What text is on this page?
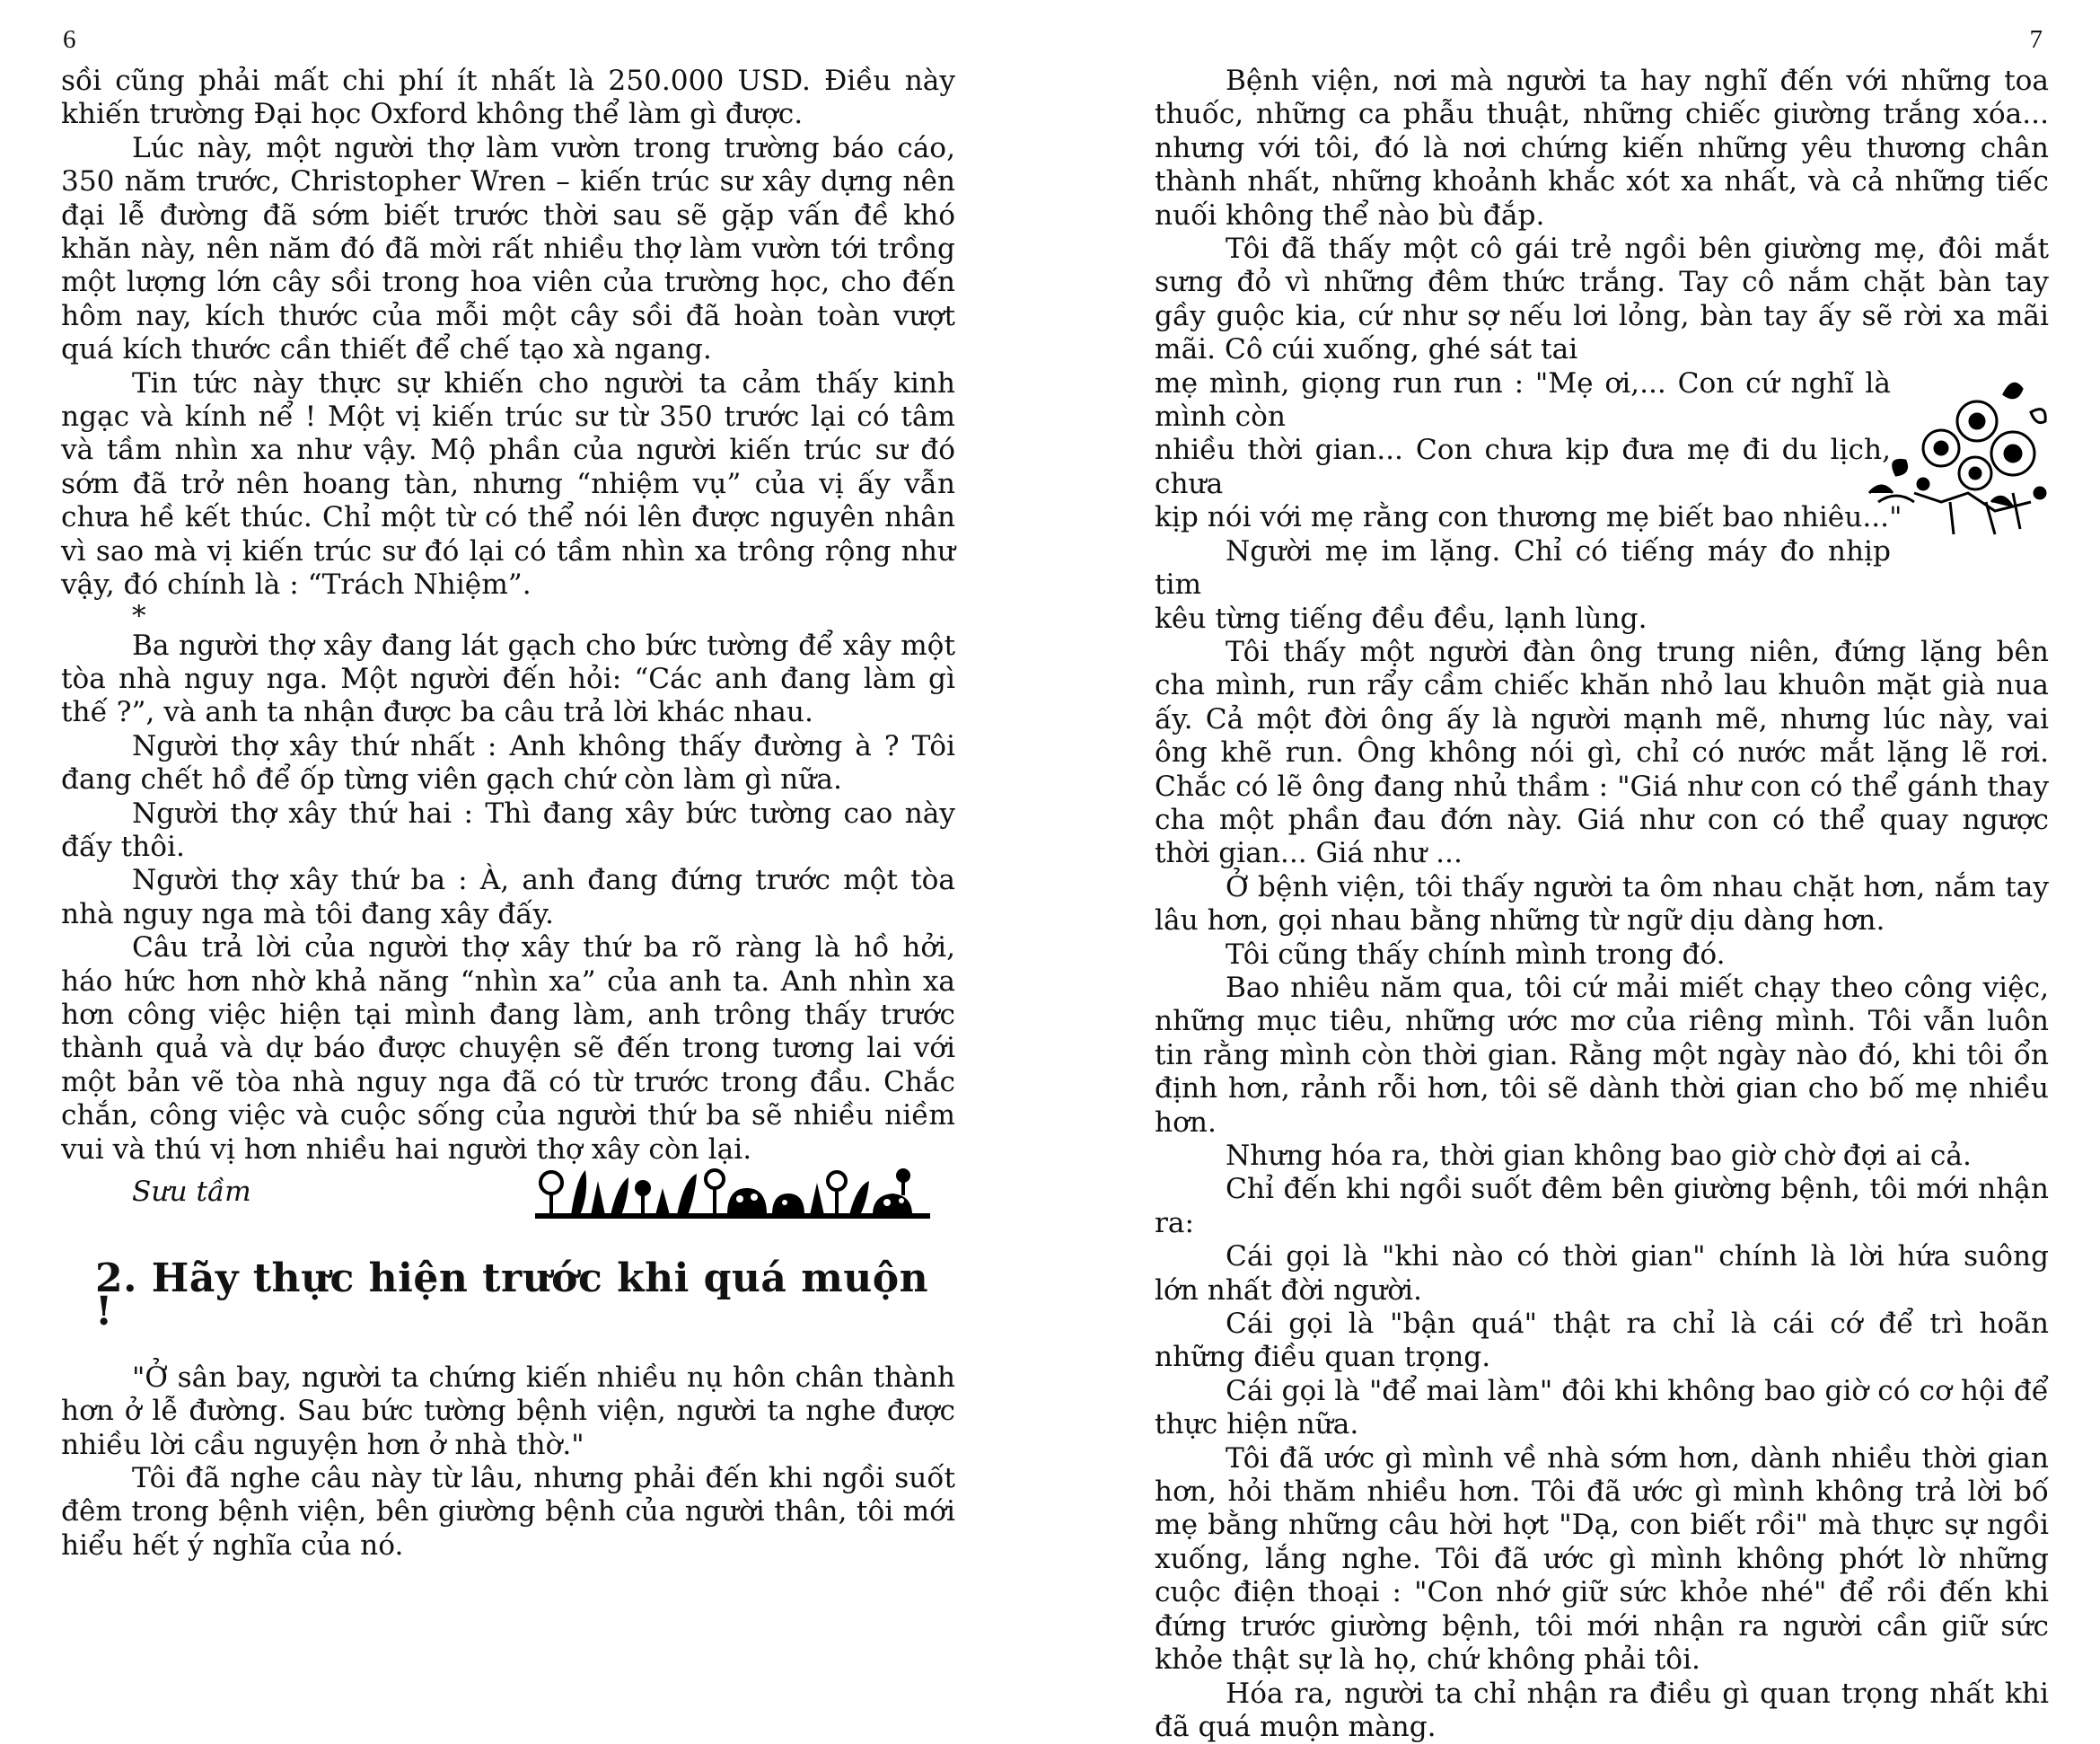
6

sồi cũng phải mất chi phí ít nhất là 250.000 USD. Điều này khiến trường Đại học Oxford không thể làm gì được.

Lúc này, một người thợ làm vườn trong trường báo cáo, 350 năm trước, Christopher Wren – kiến trúc sư xây dựng nên đại lễ đường đã sớm biết trước thời sau sẽ gặp vấn đề khó khăn này, nên năm đó đã mời rất nhiều thợ làm vườn tới trồng một lượng lớn cây sồi trong hoa viên của trường học, cho đến hôm nay, kích thước của mỗi một cây sồi đã hoàn toàn vượt quá kích thước cần thiết để chế tạo xà ngang.

Tin tức này thực sự khiến cho người ta cảm thấy kinh ngạc và kính nể ! Một vị kiến trúc sư từ 350 trước lại có tâm và tầm nhìn xa như vậy. Mộ phần của người kiến trúc sư đó sớm đã trở nên hoang tàn, nhưng “nhiệm vụ” của vị ấy vẫn chưa hề kết thúc. Chỉ một từ có thể nói lên được nguyên nhân vì sao mà vị kiến trúc sư đó lại có tầm nhìn xa trông rộng như vậy, đó chính là : “Trách Nhiệm”.

*

Ba người thợ xây đang lát gạch cho bức tường để xây một tòa nhà nguy nga. Một người đến hỏi: “Các anh đang làm gì thế ?”, và anh ta nhận được ba câu trả lời khác nhau.

Người thợ xây thứ nhất : Anh không thấy đường à ? Tôi đang chết hồ để ốp từng viên gạch chứ còn làm gì nữa.

Người thợ xây thứ hai : Thì đang xây bức tường cao này đấy thôi.

Người thợ xây thứ ba : À, anh đang đứng trước một tòa nhà nguy nga mà tôi đang xây đấy.

Câu trả lời của người thợ xây thứ ba rõ ràng là hồ hởi, háo hức hơn nhờ khả năng “nhìn xa” của anh ta. Anh nhìn xa hơn công việc hiện tại mình đang làm, anh trông thấy trước thành quả và dự báo được chuyện sẽ đến trong tương lai với một bản vẽ tòa nhà nguy nga đã có từ trước trong đầu. Chắc chắn, công việc và cuộc sống của người thứ ba sẽ nhiều niềm vui và thú vị hơn nhiều hai người thợ xây còn lại.

Sưu tầm
2. Hãy thực hiện trước khi quá muộn !

"Ở sân bay, người ta chứng kiến nhiều nụ hôn chân thành hơn ở lễ đường. Sau bức tường bệnh viện, người ta nghe được nhiều lời cầu nguyện hơn ở nhà thờ."

Tôi đã nghe câu này từ lâu, nhưng phải đến khi ngồi suốt đêm trong bệnh viện, bên giường bệnh của người thân, tôi mới hiểu hết ý nghĩa của nó.

7

Bệnh viện, nơi mà người ta hay nghĩ đến với những toa thuốc, những ca phẫu thuật, những chiếc giường trắng xóa... nhưng với tôi, đó là nơi chứng kiến những yêu thương chân thành nhất, những khoảnh khắc xót xa nhất, và cả những tiếc nuối không thể nào bù đắp.

Tôi đã thấy một cô gái trẻ ngồi bên giường mẹ, đôi mắt sưng đỏ vì những đêm thức trắng. Tay cô nắm chặt bàn tay gầy guộc kia, cứ như sợ nếu lơi lỏng, bàn tay ấy sẽ rời xa mãi mãi. Cô cúi xuống, ghé sát tai

mẹ mình, giọng run run : "Mẹ ơi,... Con cứ nghĩ là mình còn

nhiều thời gian... Con chưa kịp đưa mẹ đi du lịch, chưa

kịp nói với mẹ rằng con thương mẹ biết bao nhiêu..."

Người mẹ im lặng. Chỉ có tiếng máy đo nhịp tim

kêu từng tiếng đều đều, lạnh lùng.

Tôi thấy một người đàn ông trung niên, đứng lặng bên cha mình, run rẩy cầm chiếc khăn nhỏ lau khuôn mặt già nua ấy. Cả một đời ông ấy là người mạnh mẽ, nhưng lúc này, vai ông khẽ run. Ông không nói gì, chỉ có nước mắt lặng lẽ rơi. Chắc có lẽ ông đang nhủ thầm : "Giá như con có thể gánh thay cha một phần đau đớn này. Giá như con có thể quay ngược thời gian... Giá như ...

Ở bệnh viện, tôi thấy người ta ôm nhau chặt hơn, nắm tay lâu hơn, gọi nhau bằng những từ ngữ dịu dàng hơn.

Tôi cũng thấy chính mình trong đó.

Bao nhiêu năm qua, tôi cứ mải miết chạy theo công việc, những mục tiêu, những ước mơ của riêng mình. Tôi vẫn luôn tin rằng mình còn thời gian. Rằng một ngày nào đó, khi tôi ổn định hơn, rảnh rỗi hơn, tôi sẽ dành thời gian cho bố mẹ nhiều hơn.

Nhưng hóa ra, thời gian không bao giờ chờ đợi ai cả.

Chỉ đến khi ngồi suốt đêm bên giường bệnh, tôi mới nhận ra:

Cái gọi là "khi nào có thời gian" chính là lời hứa suông lớn nhất đời người.

Cái gọi là "bận quá" thật ra chỉ là cái cớ để trì hoãn những điều quan trọng.

Cái gọi là "để mai làm" đôi khi không bao giờ có cơ hội để thực hiện nữa.

Tôi đã ước gì mình về nhà sớm hơn, dành nhiều thời gian hơn, hỏi thăm nhiều hơn. Tôi đã ước gì mình không trả lời bố mẹ bằng những câu hời hợt "Dạ, con biết rồi" mà thực sự ngồi xuống, lắng nghe. Tôi đã ước gì mình không phớt lờ những cuộc điện thoại : "Con nhớ giữ sức khỏe nhé" để rồi đến khi đứng trước giường bệnh, tôi mới nhận ra người cần giữ sức khỏe thật sự là họ, chứ không phải tôi.

Hóa ra, người ta chỉ nhận ra điều gì quan trọng nhất khi đã quá muộn màng.
